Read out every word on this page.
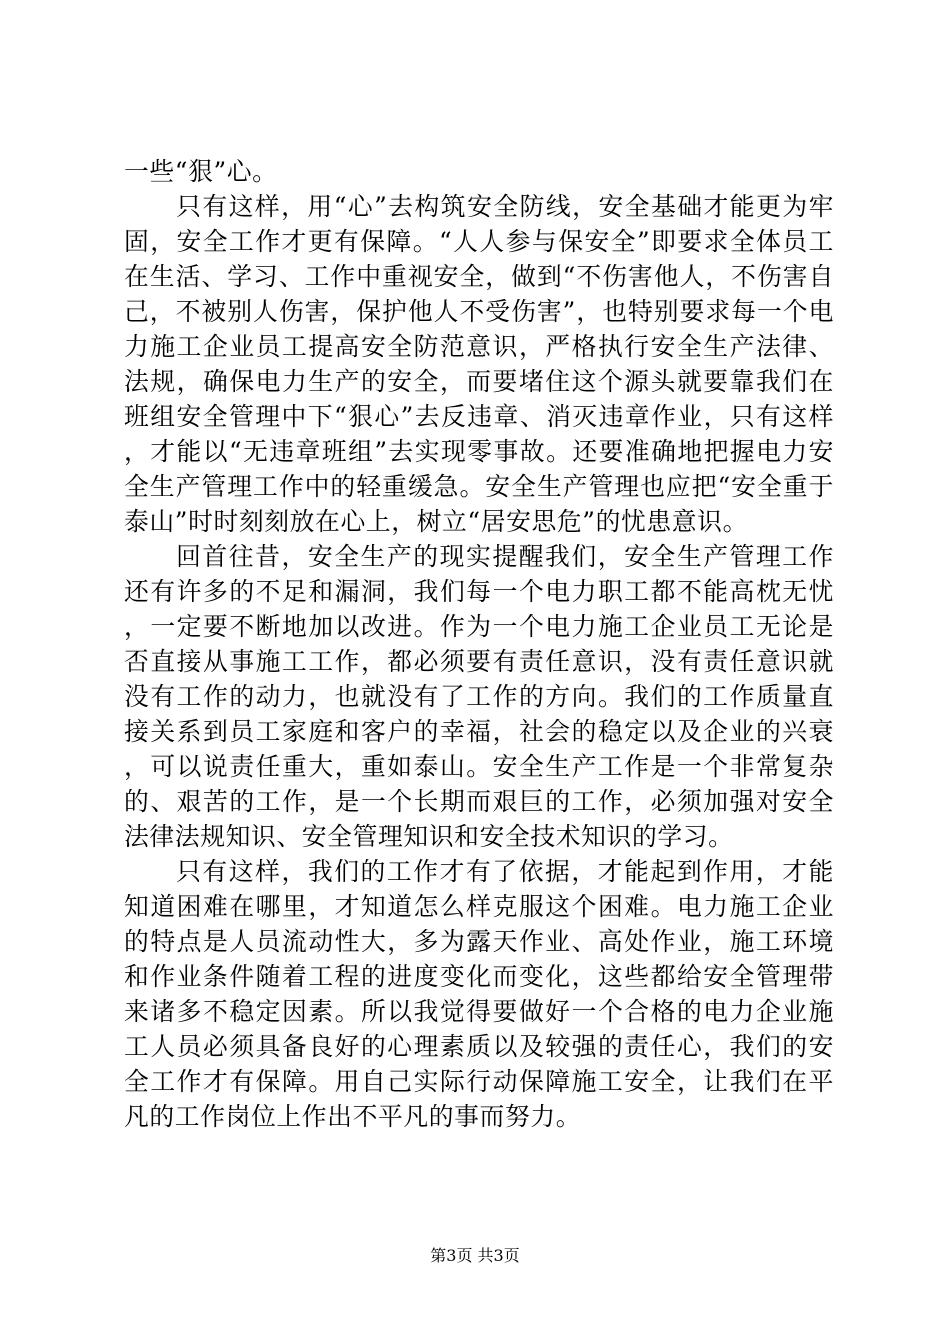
一些“狠”心。

只有这样，用“心”去构筑安全防线，安全基础才能更为牢固，安全工作才更有保障。“人人参与保安全”即要求全体员工在生活、学习、工作中重视安全，做到“不伤害他人，不伤害自己，不被别人伤害，保护他人不受伤害”，也特别要求每一个电力施工企业员工提高安全防范意识，严格执行安全生产法律、法规，确保电力生产的安全，而要堵住这个源头就要靠我们在班组安全管理中下“狠心”去反违章、消灭违章作业，只有这样，才能以“无违章班组”去实现零事故。还要准确地把握电力安全生产管理工作中的轻重缓急。安全生产管理也应把“安全重于泰山”时时刻刻放在心上，树立“居安思危”的忧患意识。

回首往昔，安全生产的现实提醒我们，安全生产管理工作还有许多的不足和漏洞，我们每一个电力职工都不能高枕无忧，一定要不断地加以改进。作为一个电力施工企业员工无论是否直接从事施工工作，都必须要有责任意识，没有责任意识就没有工作的动力，也就没有了工作的方向。我们的工作质量直接关系到员工家庭和客户的幸福，社会的稳定以及企业的兴衰，可以说责任重大，重如泰山。安全生产工作是一个非常复杂的、艰苦的工作，是一个长期而艰巨的工作，必须加强对安全法律法规知识、安全管理知识和安全技术知识的学习。

只有这样，我们的工作才有了依据，才能起到作用，才能知道困难在哪里，才知道怎么样克服这个困难。电力施工企业的特点是人员流动性大，多为露天作业、高处作业，施工环境和作业条件随着工程的进度变化而变化，这些都给安全管理带来诸多不稳定因素。所以我觉得要做好一个合格的电力企业施工人员必须具备良好的心理素质以及较强的责任心，我们的安全工作才有保障。用自己实际行动保障施工安全，让我们在平凡的工作岗位上作出不平凡的事而努力。

第3页 共3页
